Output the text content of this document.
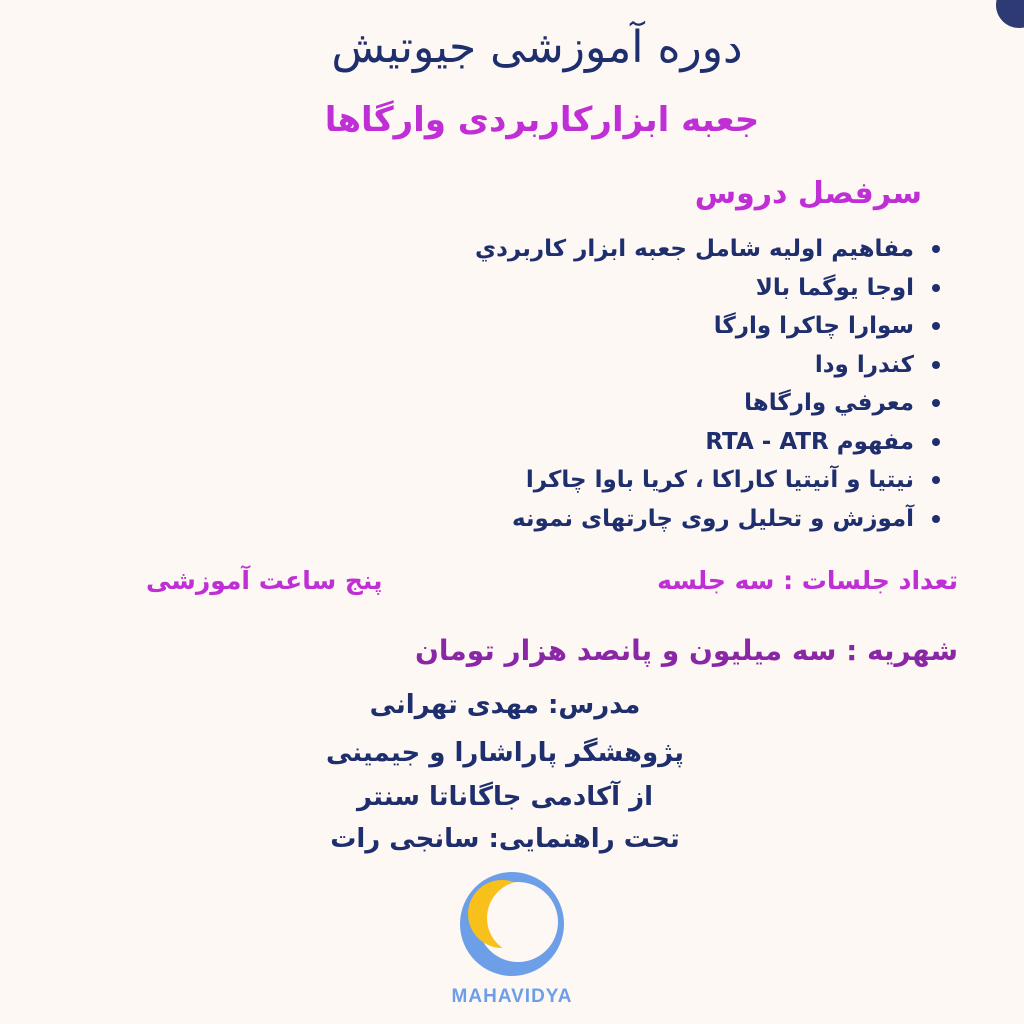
دوره آموزشی جیوتیش
جعبه ابزارکاربردی وارگاها
سرفصل دروس
مفاهیم اولیه شامل جعبه ابزار کاربردي
اوجا یوگما بالا
سوارا چاکرا وارگا
کندرا ودا
معرفي وارگاها
مفهوم RTA - ATR
نیتیا و آنیتیا کاراکا ، کریا باوا چاکرا
آموزش و تحلیل روی چارتهای نمونه
تعداد جلسات : سه جلسه
پنج ساعت آموزشی
شهریه : سه میلیون و پانصد هزار تومان
مدرس: مهدی تهرانی
پژوهشگر پاراشارا و جیمینی
از آکادمی جاگاناتا سنتر
تحت راهنمایی: سانجی رات
MAHAVIDYA
